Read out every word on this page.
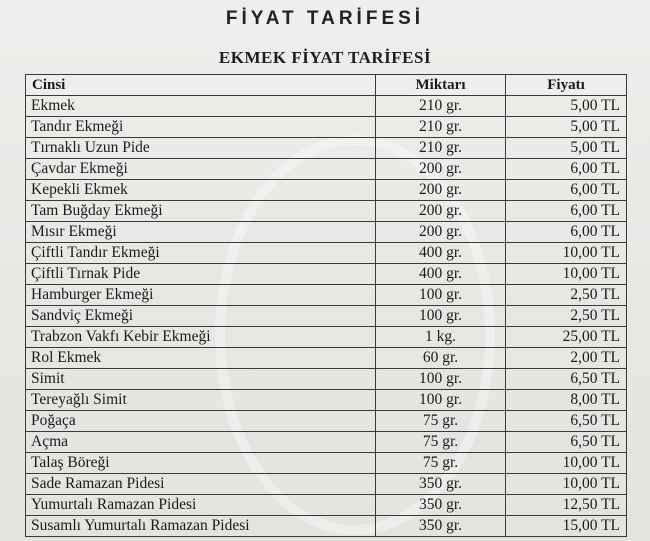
FİYAT TARİFESİ
EKMEK FİYAT TARİFESİ
Cinsi	Miktarı	Fiyatı
Ekmek	210 gr.	5,00 TL
Tandır Ekmeği	210 gr.	5,00 TL
Tırnaklı Uzun Pide	210 gr.	5,00 TL
Çavdar Ekmeği	200 gr.	6,00 TL
Kepekli Ekmek	200 gr.	6,00 TL
Tam Buğday Ekmeği	200 gr.	6,00 TL
Mısır Ekmeği	200 gr.	6,00 TL
Çiftli Tandır Ekmeği	400 gr.	10,00 TL
Çiftli Tırnak Pide	400 gr.	10,00 TL
Hamburger Ekmeği	100 gr.	2,50 TL
Sandviç Ekmeği	100 gr.	2,50 TL
Trabzon Vakfı Kebir Ekmeği	1 kg.	25,00 TL
Rol Ekmek	60 gr.	2,00 TL
Simit	100 gr.	6,50 TL
Tereyağlı Simit	100 gr.	8,00 TL
Poğaça	75 gr.	6,50 TL
Açma	75 gr.	6,50 TL
Talaş Böreği	75 gr.	10,00 TL
Sade Ramazan Pidesi	350 gr.	10,00 TL
Yumurtalı Ramazan Pidesi	350 gr.	12,50 TL
Susamlı Yumurtalı Ramazan Pidesi	350 gr.	15,00 TL
